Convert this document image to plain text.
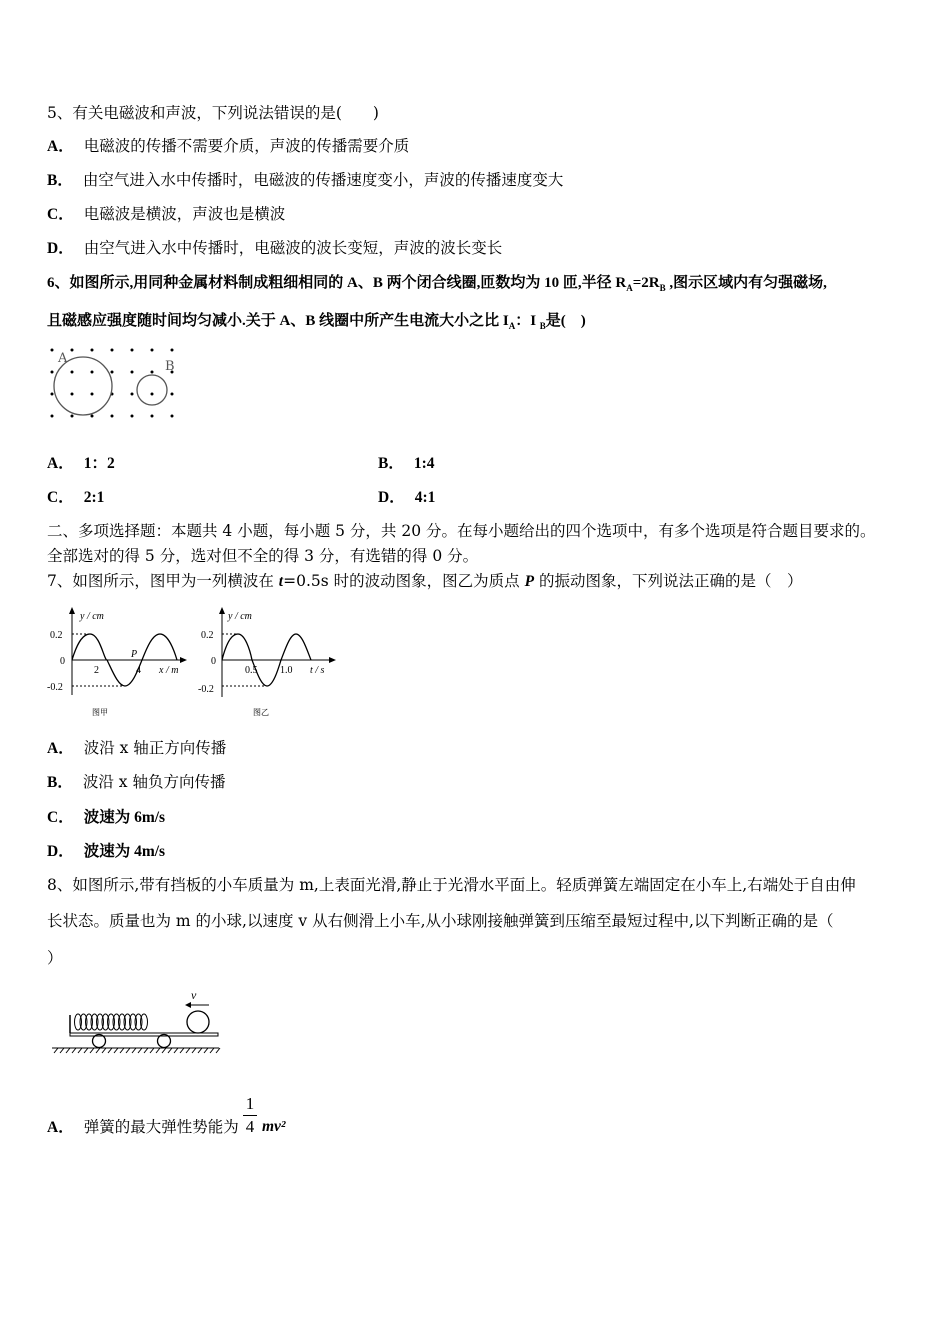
5、有关电磁波和声波，下列说法错误的是(　　)
A． 电磁波的传播不需要介质，声波的传播需要介质
B． 由空气进入水中传播时，电磁波的传播速度变小，声波的传播速度变大
C． 电磁波是横波，声波也是横波
D． 由空气进入水中传播时，电磁波的波长变短，声波的波长变长
6、如图所示,用同种金属材料制成粗细相同的 A、B 两个闭合线圈,匝数均为 10 匝,半径 $R_A=2R_B$ ,图示区域内有匀强磁场,
且磁感应强度随时间均匀减小.关于 A、B 线圈中所产生电流大小之比 $I_A$：I $_B$是(　)
A
B
A． 1：2	B． 1:4
C． 2:1	D． 4:1
二、多项选择题：本题共 4 小题，每小题 5 分，共 20 分。在每小题给出的四个选项中，有多个选项是符合题目要求的。
全部选对的得 5 分，选对但不全的得 3 分，有选错的得 0 分。
7、如图所示，图甲为一列横波在 t=0.5s 时的波动图象，图乙为质点 P 的振动图象，下列说法正确的是（　）
y / cm
0.2
0
-0.2
2	4
P
x / m
图甲
y / cm
0.2
0
-0.2
0.5 1.0 t / s
图乙
A． 波沿 x 轴正方向传播
B． 波沿 x 轴负方向传播
C． 波速为 6m/s
D． 波速为 4m/s
8、如图所示,带有挡板的小车质量为 m,上表面光滑,静止于光滑水平面上。轻质弹簧左端固定在小车上,右端处于自由伸
长状态。质量也为 m 的小球,以速度 v 从右侧滑上小车,从小球刚接触弹簧到压缩至最短过程中,以下判断正确的是（
）
v
A． 弹簧的最大弹性势能为 $\frac{1}{4} mv^2$
